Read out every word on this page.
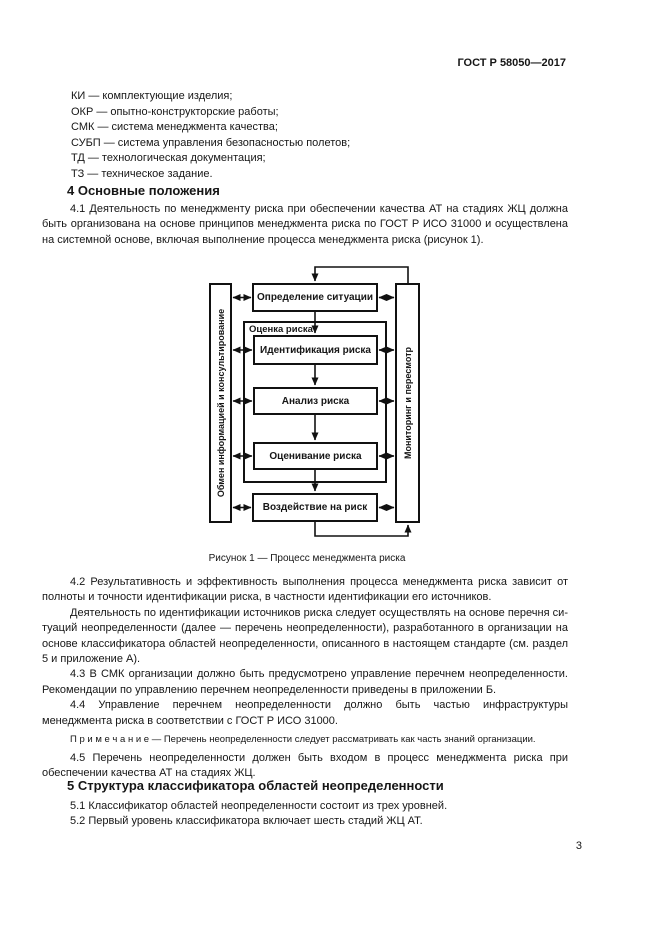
ГОСТ Р 58050—2017
КИ — комплектующие изделия;
ОКР — опытно-конструкторские работы;
СМК — система менеджмента качества;
СУБП — система управления безопасностью полетов;
ТД — технологическая документация;
ТЗ — техническое задание.
4 Основные положения

4.1 Деятельность по менеджменту риска при обеспечении качества АТ на стадиях ЖЦ должна быть организована на основе принципов менеджмента риска по ГОСТ Р ИСО 31000 и осуществлена на системной основе, включая выполнение процесса менеджмента риска (рисунок 1).

Обмен информацией и консультирование	Мониторинг и пересмотр
Определение ситуации
Оценка риска
Идентификация риска
Анализ риска
Оценивание риска
Воздействие на риск
Рисунок 1 — Процесс менеджмента риска

4.2 Результативность и эффективность выполнения процесса менеджмента риска зависит от полноты и точности идентификации риска, в частности идентификации его источников.

Деятельность по идентификации источников риска следует осуществлять на основе перечня ситуаций неопределенности (далее — перечень неопределенности), разработанного в организации на основе классификатора областей неопределенности, описанного в настоящем стандарте (см. раздел 5 и приложение А).

4.3 В СМК организации должно быть предусмотрено управление перечнем неопределенности. Рекомендации по управлению перечнем неопределенности приведены в приложении Б.

4.4 Управление перечнем неопределенности должно быть частью инфраструктуры менеджмента риска в соответствии с ГОСТ Р ИСО 31000.

П р и м е ч а н и е — Перечень неопределенности следует рассматривать как часть знаний организации.

4.5 Перечень неопределенности должен быть входом в процесс менеджмента риска при обеспечении качества АТ на стадиях ЖЦ.

5 Структура классификатора областей неопределенности

5.1 Классификатор областей неопределенности состоит из трех уровней.

5.2 Первый уровень классификатора включает шесть стадий ЖЦ АТ.

3
